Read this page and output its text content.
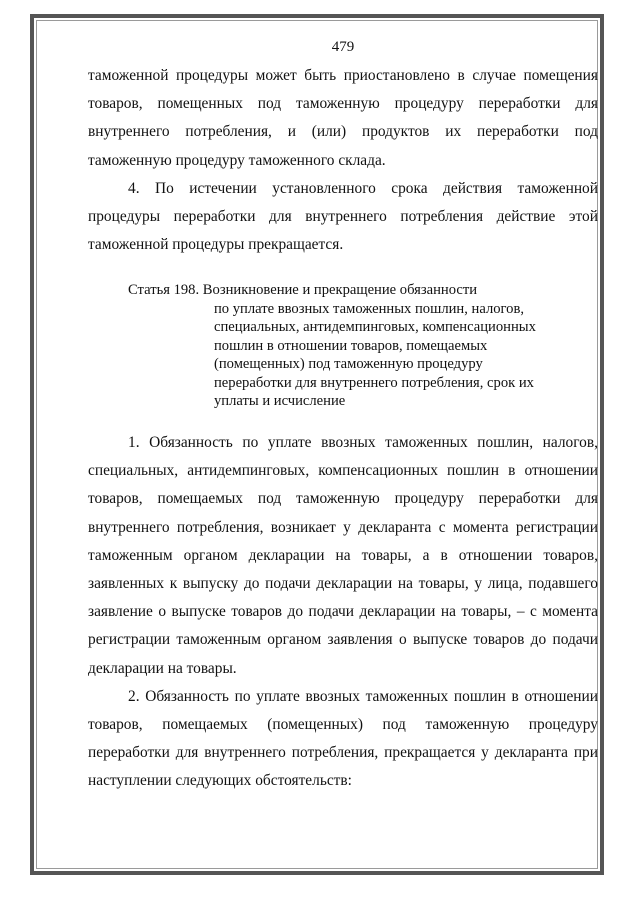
479

таможенной процедуры может быть приостановлено в случае помещения товаров, помещенных под таможенную процедуру переработки для внутреннего потребления, и (или) продуктов их переработки под таможенную процедуру таможенного склада.

4. По истечении установленного срока действия таможенной процедуры переработки для внутреннего потребления действие этой таможенной процедуры прекращается.

Статья 198. Возникновение и прекращение обязанности
по уплате ввозных таможенных пошлин, налогов, специальных, антидемпинговых, компенсационных пошлин в отношении товаров, помещаемых (помещенных) под таможенную процедуру переработки для внутреннего потребления, срок их уплаты и исчисление

1. Обязанность по уплате ввозных таможенных пошлин, налогов, специальных, антидемпинговых, компенсационных пошлин в отношении товаров, помещаемых под таможенную процедуру переработки для внутреннего потребления, возникает у декларанта с момента регистрации таможенным органом декларации на товары, а в отношении товаров, заявленных к выпуску до подачи декларации на товары, у лица, подавшего заявление о выпуске товаров до подачи декларации на товары, – с момента регистрации таможенным органом заявления о выпуске товаров до подачи декларации на товары.

2. Обязанность по уплате ввозных таможенных пошлин в отношении товаров, помещаемых (помещенных) под таможенную процедуру переработки для внутреннего потребления, прекращается у декларанта при наступлении следующих обстоятельств:
